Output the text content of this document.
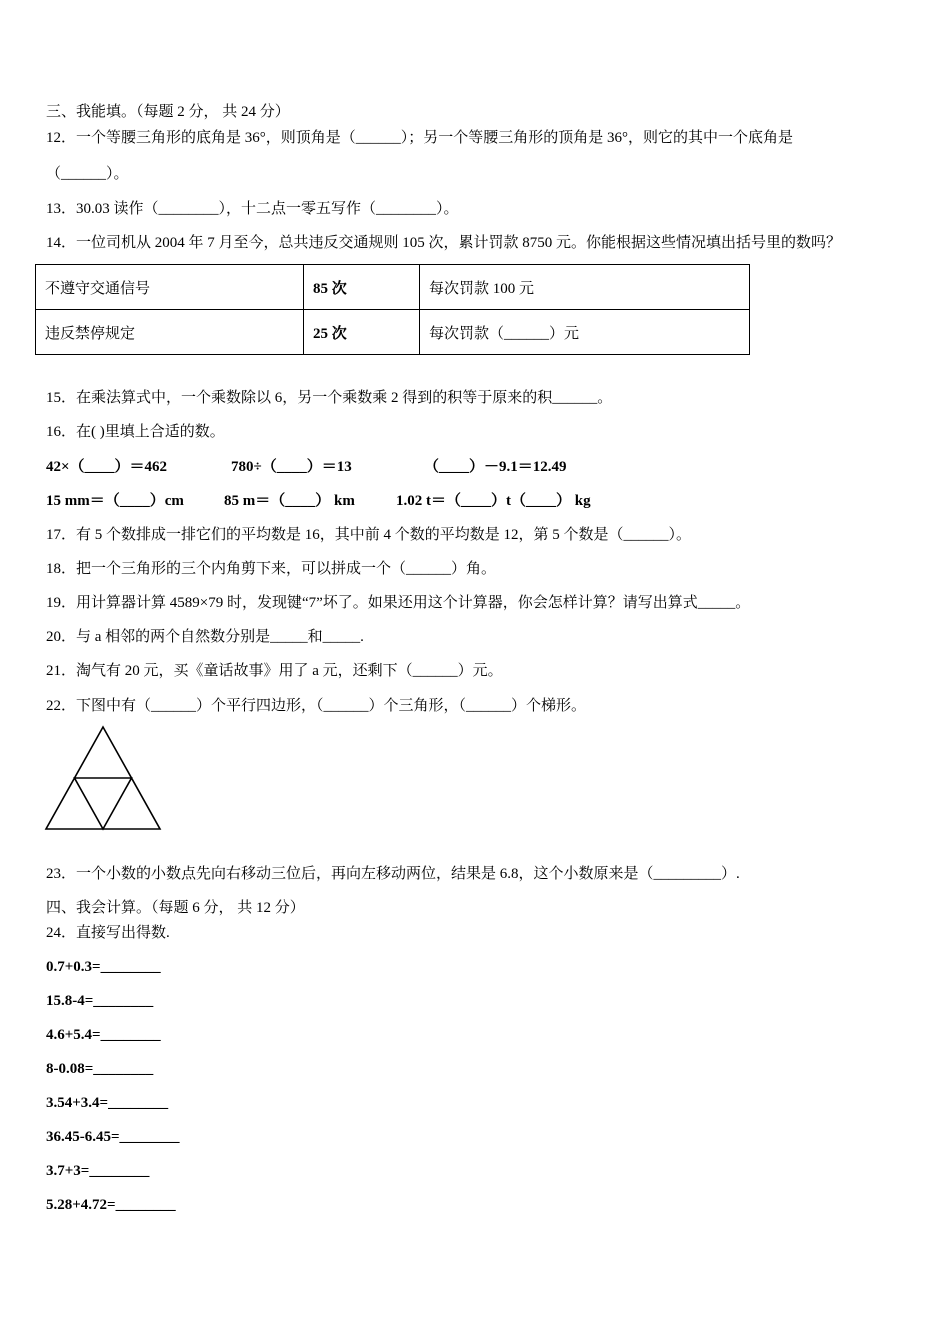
三、我能填。（每题 2 分， 共 24 分）
12．一个等腰三角形的底角是 36°，则顶角是（______）；另一个等腰三角形的顶角是 36°，则它的其中一个底角是
（______）。
13．30.03 读作（________），十二点一零五写作（________）。
14．一位司机从 2004 年 7 月至今，总共违反交通规则 105 次，累计罚款 8750 元。你能根据这些情况填出括号里的数吗？
不遵守交通信号	85 次	每次罚款 100 元
违反禁停规定	25 次	每次罚款（______）元
15．在乘法算式中，一个乘数除以 6，另一个乘数乘 2 得到的积等于原来的积______。
16．在( )里填上合适的数。
42×（____）＝462	780÷（____）＝13	（____）－9.1＝12.49
15 mm＝（____）cm	85 m＝（____） km	1.02 t＝（____）t（____） kg
17．有 5 个数排成一排它们的平均数是 16，其中前 4 个数的平均数是 12，第 5 个数是（______）。
18．把一个三角形的三个内角剪下来，可以拼成一个（______）角。
19．用计算器计算 4589×79 时，发现键“7”坏了。如果还用这个计算器，你会怎样计算？请写出算式_____。
20．与 a 相邻的两个自然数分别是_____和_____.
21．淘气有 20 元，买《童话故事》用了 a 元，还剩下（______）元。
22．下图中有（______）个平行四边形，（______）个三角形，（______）个梯形。
23．一个小数的小数点先向右移动三位后，再向左移动两位，结果是 6.8，这个小数原来是（_________）.
四、我会计算。（每题 6 分， 共 12 分）
24．直接写出得数.
0.7+0.3=________
15.8-4=________
4.6+5.4=________
8-0.08=________
3.54+3.4=________
36.45-6.45=________
3.7+3=________
5.28+4.72=________
